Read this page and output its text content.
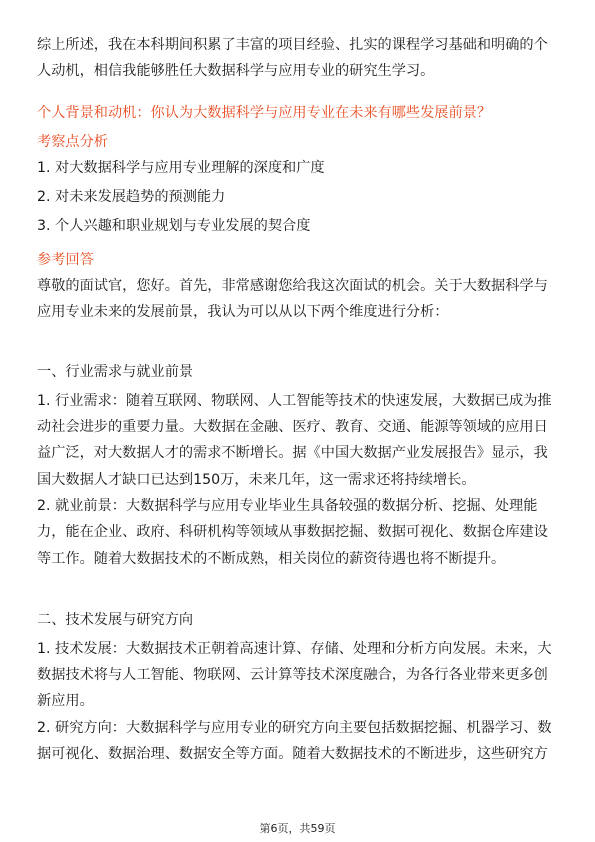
综上所述，我在本科期间积累了丰富的项目经验、扎实的课程学习基础和明确的个
人动机，相信我能够胜任大数据科学与应用专业的研究生学习。
个人背景和动机：你认为大数据科学与应用专业在未来有哪些发展前景？
考察点分析
1. 对大数据科学与应用专业理解的深度和广度
2. 对未来发展趋势的预测能力
3. 个人兴趣和职业规划与专业发展的契合度
参考回答
尊敬的面试官，您好。首先，非常感谢您给我这次面试的机会。关于大数据科学与
应用专业未来的发展前景，我认为可以从以下两个维度进行分析：
一、行业需求与就业前景
1. 行业需求：随着互联网、物联网、人工智能等技术的快速发展，大数据已成为推
动社会进步的重要力量。大数据在金融、医疗、教育、交通、能源等领域的应用日
益广泛，对大数据人才的需求不断增长。据《中国大数据产业发展报告》显示，我
国大数据人才缺口已达到150万，未来几年，这一需求还将持续增长。
2. 就业前景：大数据科学与应用专业毕业生具备较强的数据分析、挖掘、处理能
力，能在企业、政府、科研机构等领域从事数据挖掘、数据可视化、数据仓库建设
等工作。随着大数据技术的不断成熟，相关岗位的薪资待遇也将不断提升。
二、技术发展与研究方向
1. 技术发展：大数据技术正朝着高速计算、存储、处理和分析方向发展。未来，大
数据技术将与人工智能、物联网、云计算等技术深度融合，为各行各业带来更多创
新应用。
2. 研究方向：大数据科学与应用专业的研究方向主要包括数据挖掘、机器学习、数
据可视化、数据治理、数据安全等方面。随着大数据技术的不断进步，这些研究方
第6页，共59页
